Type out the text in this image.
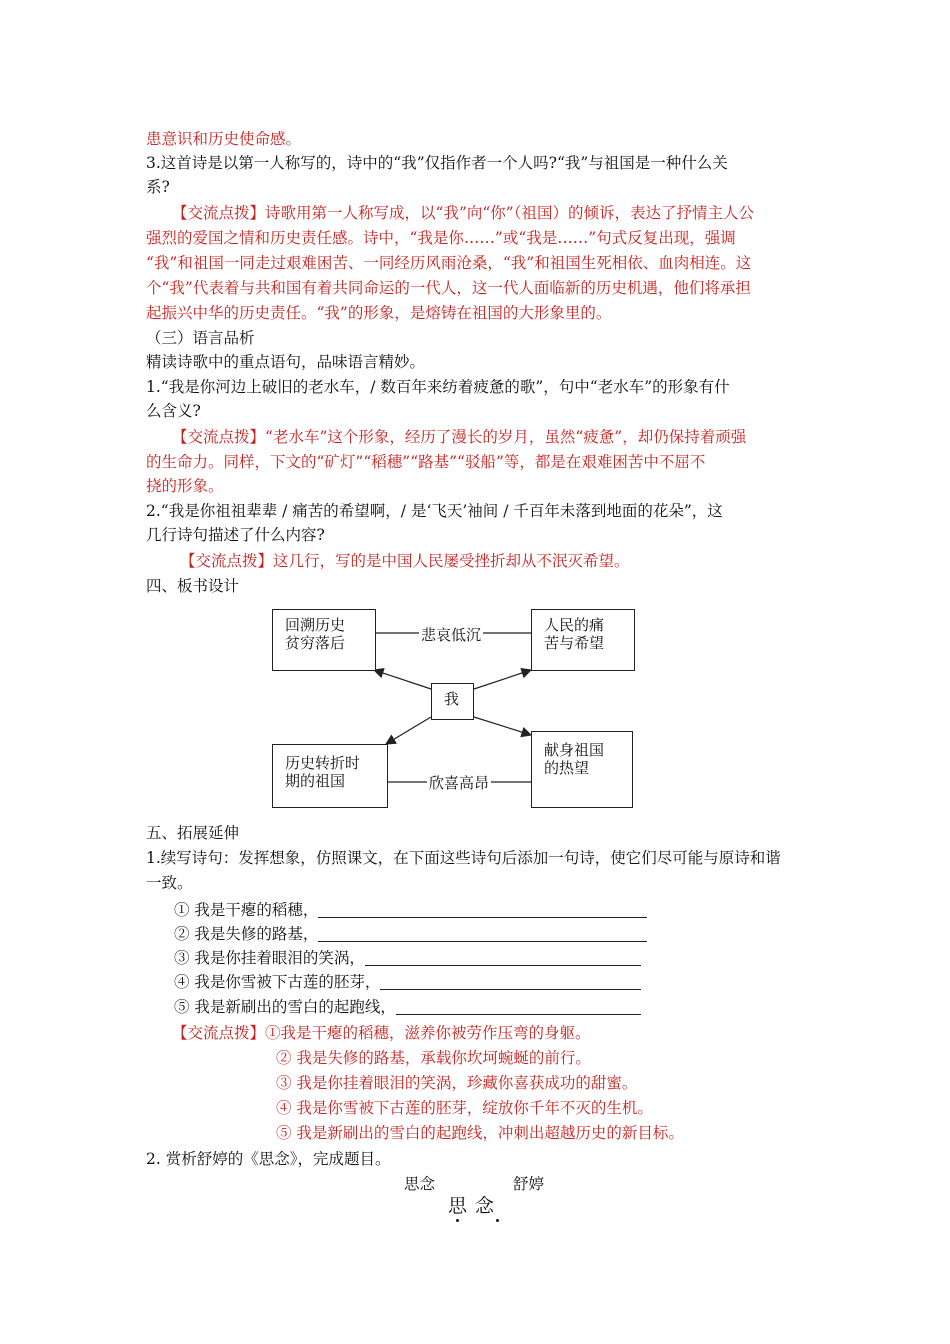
患意识和历史使命感。
3.这首诗是以第一人称写的，诗中的“我”仅指作者一个人吗?“我”与祖国是一种什么关
系?
【交流点拨】诗歌用第一人称写成，以“我”向“你”（祖国）的倾诉，表达了抒情主人公
强烈的爱国之情和历史责任感。诗中，“我是你……”或“我是……”句式反复出现，强调
“我”和祖国一同走过艰难困苦、一同经历风雨沧桑，“我”和祖国生死相依、血肉相连。这
个“我”代表着与共和国有着共同命运的一代人，这一代人面临新的历史机遇，他们将承担
起振兴中华的历史责任。“我”的形象，是熔铸在祖国的大形象里的。
（三）语言品析
精读诗歌中的重点语句，品味语言精妙。
1.“我是你河边上破旧的老水车，/ 数百年来纺着疲惫的歌”，句中“老水车”的形象有什
么含义?
【交流点拨】“老水车”这个形象，经历了漫长的岁月，虽然“疲惫”，却仍保持着顽强
的生命力。同样，下文的“矿灯”“稻穗”“路基”“驳船”等，都是在艰难困苦中不屈不
挠的形象。
2.“我是你祖祖辈辈 / 痛苦的希望啊，/ 是‘飞天’袖间 / 千百年未落到地面的花朵”，这
几行诗句描述了什么内容?
【交流点拨】这几行，写的是中国人民屡受挫折却从不泯灭希望。
四、板书设计
回溯历史
贫穷落后
人民的痛
苦与希望
我
历史转折时
期的祖国
献身祖国
的热望
悲哀低沉
欣喜高昂
五、拓展延伸
1.续写诗句：发挥想象，仿照课文，在下面这些诗句后添加一句诗，使它们尽可能与原诗和谐
一致。
① 我是干瘪的稻穗，
② 我是失修的路基，
③ 我是你挂着眼泪的笑涡，
④ 我是你雪被下古莲的胚芽，
⑤ 我是新刷出的雪白的起跑线，
【交流点拨】①我是干瘪的稻穗，滋养你被劳作压弯的身躯。
② 我是失修的路基，承载你坎坷蜿蜒的前行。
③ 我是你挂着眼泪的笑涡，珍藏你喜获成功的甜蜜。
④ 我是你雪被下古莲的胚芽，绽放你千年不灭的生机。
⑤ 我是新刷出的雪白的起跑线，冲刺出超越历史的新目标。
2. 赏析舒婷的《思念》，完成题目。
思念	舒婷
思 念
